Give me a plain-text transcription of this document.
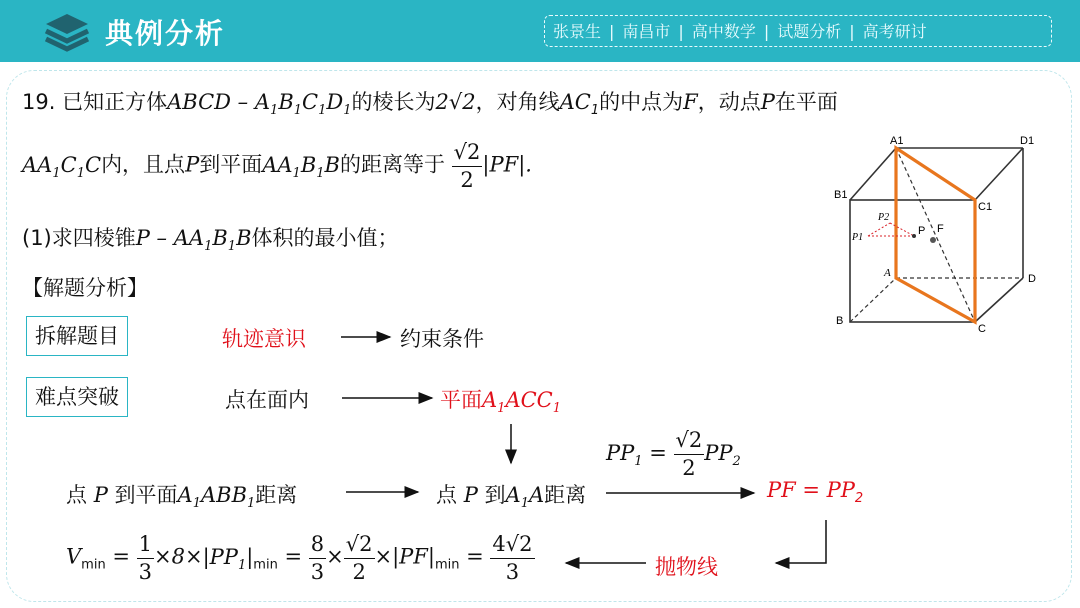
典例分析	张景生 | 南昌市 | 高中数学 | 试题分析 | 高考研讨
19. 已知正方体ABCD – $A_1B_1C_1D_1$的棱长为2√2，对角线$AC_1$的中点为F，动点P在平面
$AA_1C_1C$内，且点P到平面$AA_1B_1B$的距离等于 $\frac{√2}{2} |PF|$.
(1)求四棱锥P – $AA_1B_1B$体积的最小值；
【解题分析】
拆解题目
难点突破
轨迹意识	约束条件
点在面内	平面$A_1ACC_1$
点 P 到平面$A_1ABB_1$距离	点 P 到$A_1A$距离
$PP_1 = \frac{√2}{2} PP_2$
PF = $PP_2$
抛物线
$V_{min} = \frac{1}{3} \times 8\times|PP_1|_{min} = \frac{8}{3} \times \frac{√2}{2} \times|PF|_{min} = \frac{4√2}{3}$
A1	D1
B1
C1
P2
P1
P F
A	D
B
C
